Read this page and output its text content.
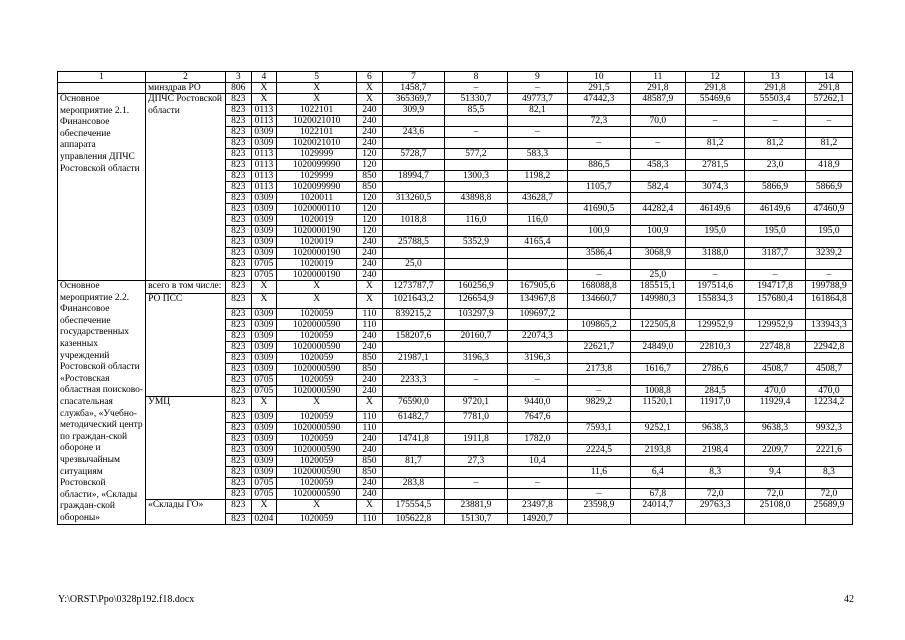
1	2	3	4	5	6	7	8	9	10	11	12	13	14
	минздрав РО	806	Х	Х	Х	1458,7	–	–	291,5	291,8	291,8	291,8	291,8
Основное мероприятие 2.1. Финансовое обеспечение аппарата управления ДПЧС Ростовской области	ДПЧС Ростовской области	823	Х	Х	Х	365369,7	51330,7	49773,7	47442,3	48587,9	55469,6	55503,4	57262,1
		823	0113	1022101	240	309,9	85,5	82,1					
		823	0113	1020021010	240				72,3	70,0	–	–	–
		823	0309	1022101	240	243,6	–	–					
		823	0309	1020021010	240				–	–	81,2	81,2	81,2
		823	0113	1029999	120	5728,7	577,2	583,3					
		823	0113	1020099990	120				886,5	458,3	2781,5	23,0	418,9
		823	0113	1029999	850	18994,7	1300,3	1198,2					
		823	0113	1020099990	850				1105,7	582,4	3074,3	5866,9	5866,9
		823	0309	1020011	120	313260,5	43898,8	43628,7					
		823	0309	1020000110	120				41690,5	44282,4	46149,6	46149,6	47460,9
		823	0309	1020019	120	1018,8	116,0	116,0					
		823	0309	1020000190	120				100,9	100,9	195,0	195,0	195,0
		823	0309	1020019	240	25788,5	5352,9	4165,4					
		823	0309	1020000190	240				3586,4	3068,9	3188,0	3187,7	3239,2
		823	0705	1020019	240	25,0							
		823	0705	1020000190	240				–	25,0	–	–	–
Основное мероприятие 2.2. Финансовое обеспечение государственных казенных учреждений Ростовской области «Ростовская областная поисково-спасательная служба», «Учебно-методический центр по граждан-ской обороне и чрезвычайным ситуациям Ростовской области», «Склады граждан-ской обороны»	всего в том числе:	823	Х	Х	Х	1273787,7	160256,9	167905,6	168088,8	185515,1	197514,6	194717,8	199788,9
	РО ПСС	823	Х	Х	Х	1021643,2	126654,9	134967,8	134660,7	149980,3	155834,3	157680,4	161864,8
		823	0309	1020059	110	839215,2	103297,9	109697,2					
		823	0309	1020000590	110				109865,2	122505,8	129952,9	129952,9	133943,3
		823	0309	1020059	240	158207,6	20160,7	22074,3					
		823	0309	1020000590	240				22621,7	24849,0	22810,3	22748,8	22942,8
		823	0309	1020059	850	21987,1	3196,3	3196,3					
		823	0309	1020000590	850				2173,8	1616,7	2786,6	4508,7	4508,7
		823	0705	1020059	240	2233,3	–	–					
		823	0705	1020000590	240				–	1008,8	284,5	470,0	470,0
	УМЦ	823	Х	Х	Х	76590,0	9720,1	9440,0	9829,2	11520,1	11917,0	11929,4	12234,2
		823	0309	1020059	110	61482,7	7781,0	7647,6					
		823	0309	1020000590	110				7593,1	9252,1	9638,3	9638,3	9932,3
		823	0309	1020059	240	14741,8	1911,8	1782,0					
		823	0309	1020000590	240				2224,5	2193,8	2198,4	2209,7	2221,6
		823	0309	1020059	850	81,7	27,3	10,4					
		823	0309	1020000590	850				11,6	6,4	8,3	9,4	8,3
		823	0705	1020059	240	283,8	–	–					
		823	0705	1020000590	240				–	67,8	72,0	72,0	72,0
	«Склады ГО»	823	Х	Х	Х	175554,5	23881,9	23497,8	23598,9	24014,7	29763,3	25108,0	25689,9
		823	0204	1020059	110	105622,8	15130,7	14920,7					
Y:\ORST\Ppo\0328p192.f18.docx	42
